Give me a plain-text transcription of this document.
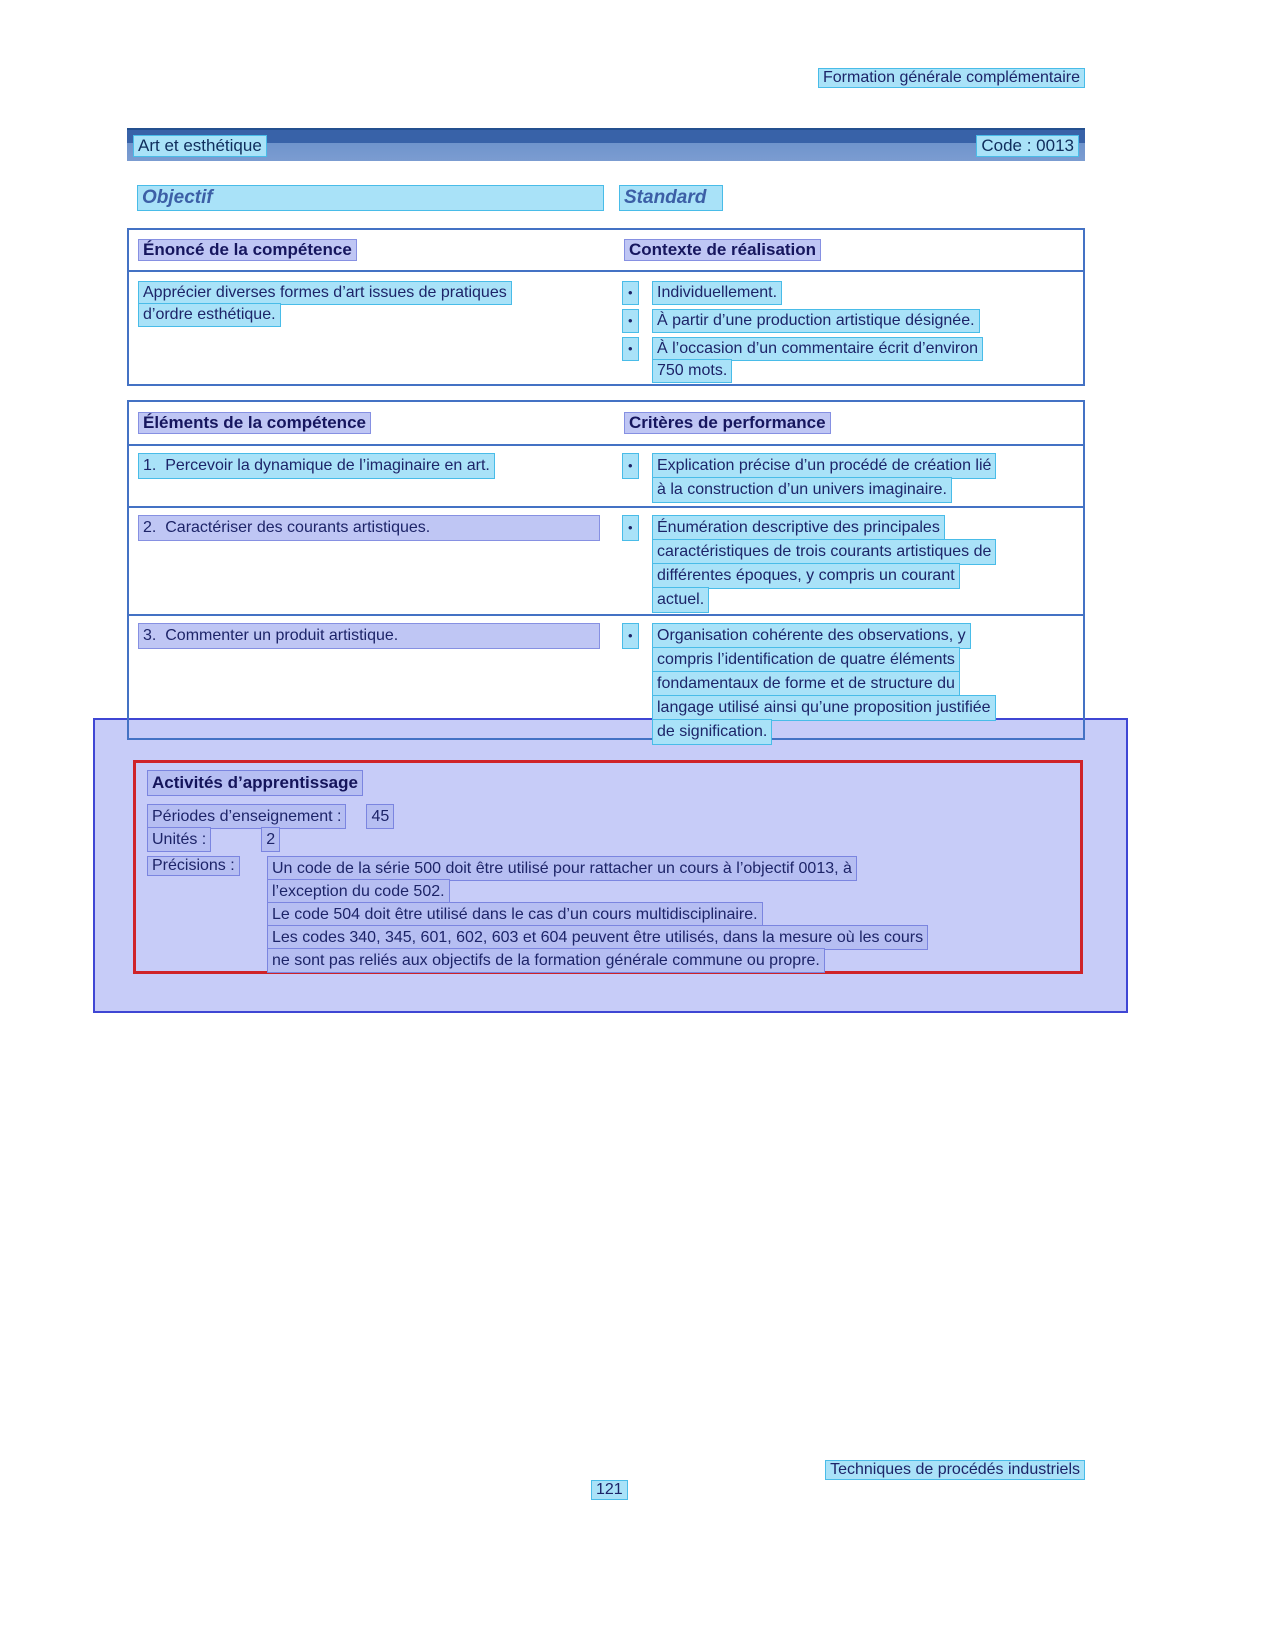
Formation générale complémentaire
Art et esthétique	Code : 0013
Objectif	Standard
Énoncé de la compétence	Contexte de réalisation
Apprécier diverses formes d’art issues de pratiques
d’ordre esthétique.
•	Individuellement.
•	À partir d’une production artistique désignée.
•	À l’occasion d’un commentaire écrit d’environ
750 mots.
Éléments de la compétence	Critères de performance
1.  Percevoir la dynamique de l’imaginaire en art.	•	Explication précise d’un procédé de création lié
à la construction d’un univers imaginaire.
2.  Caractériser des courants artistiques.	•	Énumération descriptive des principales
caractéristiques de trois courants artistiques de
différentes époques, y compris un courant
actuel.
3.  Commenter un produit artistique.	•	Organisation cohérente des observations, y
compris l’identification de quatre éléments
fondamentaux de forme et de structure du
langage utilisé ainsi qu’une proposition justifiée
de signification.
Activités d’apprentissage
Périodes d’enseignement : 45
Unités :	2
Précisions :	Un code de la série 500 doit être utilisé pour rattacher un cours à l’objectif 0013, à
l’exception du code 502.
Le code 504 doit être utilisé dans le cas d’un cours multidisciplinaire.
Les codes 340, 345, 601, 602, 603 et 604 peuvent être utilisés, dans la mesure où les cours
ne sont pas reliés aux objectifs de la formation générale commune ou propre.
Techniques de procédés industriels
121
